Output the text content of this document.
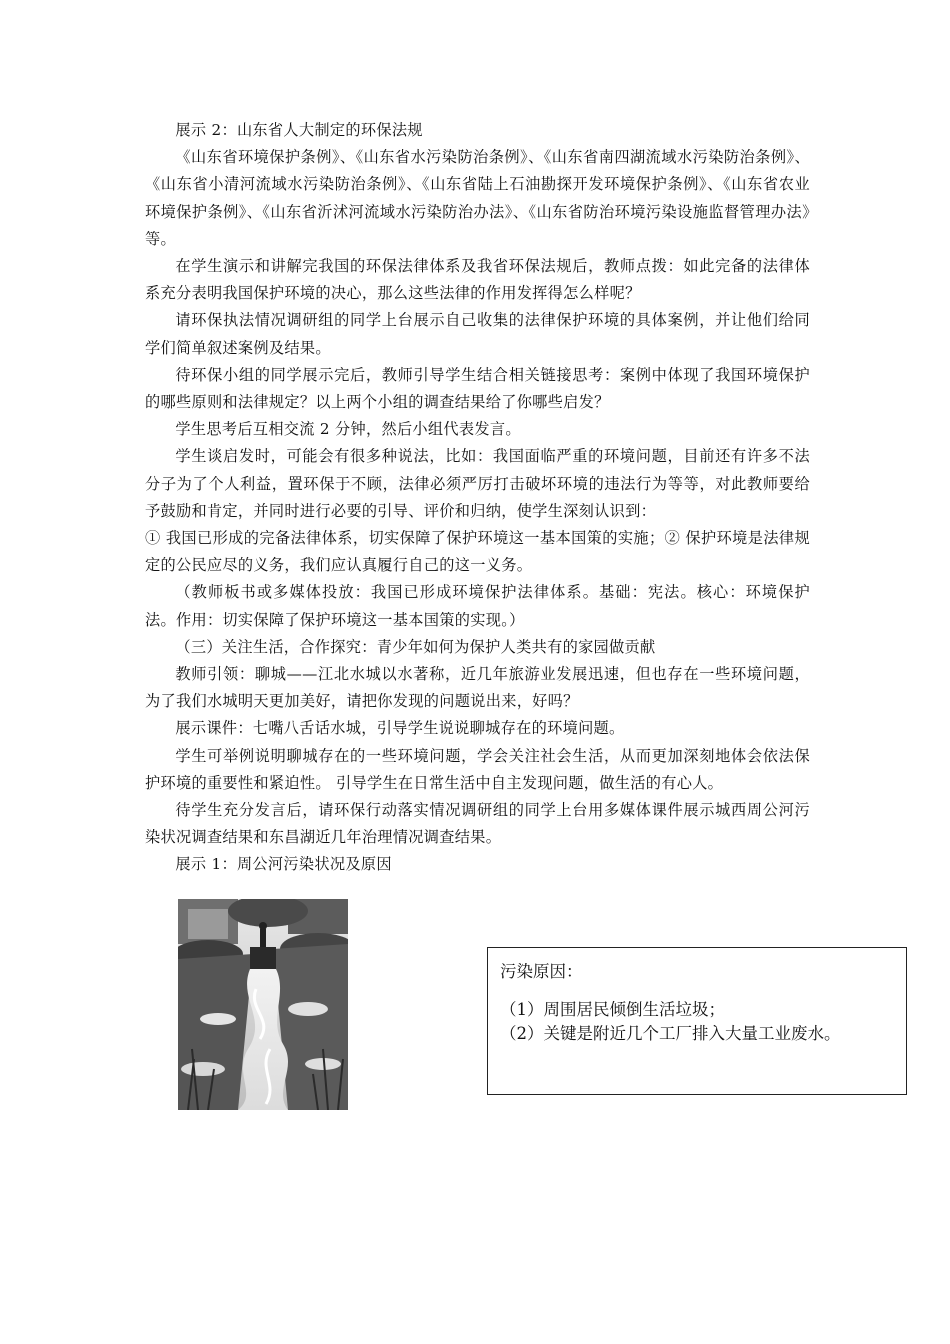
展示 2：山东省人大制定的环保法规

《山东省环境保护条例》、《山东省水污染防治条例》、《山东省南四湖流域水污染防治条例》、《山东省小清河流域水污染防治条例》、《山东省陆上石油勘探开发环境保护条例》、《山东省农业环境保护条例》、《山东省沂沭河流域水污染防治办法》、《山东省防治环境污染设施监督管理办法》等。

在学生演示和讲解完我国的环保法律体系及我省环保法规后，教师点拨：如此完备的法律体系充分表明我国保护环境的决心，那么这些法律的作用发挥得怎么样呢？

请环保执法情况调研组的同学上台展示自己收集的法律保护环境的具体案例，并让他们给同学们简单叙述案例及结果。

待环保小组的同学展示完后，教师引导学生结合相关链接思考：案例中体现了我国环境保护的哪些原则和法律规定？以上两个小组的调查结果给了你哪些启发？

学生思考后互相交流 2 分钟，然后小组代表发言。

学生谈启发时，可能会有很多种说法，比如：我国面临严重的环境问题，目前还有许多不法分子为了个人利益，置环保于不顾，法律必须严厉打击破坏环境的违法行为等等，对此教师要给予鼓励和肯定，并同时进行必要的引导、评价和归纳，使学生深刻认识到：

① 我国已形成的完备法律体系，切实保障了保护环境这一基本国策的实施；② 保护环境是法律规定的公民应尽的义务，我们应认真履行自己的这一义务。

（教师板书或多媒体投放：我国已形成环境保护法律体系。基础：宪法。核心：环境保护法。作用：切实保障了保护环境这一基本国策的实现。）

（三）关注生活，合作探究：青少年如何为保护人类共有的家园做贡献

教师引领：聊城——江北水城以水著称，近几年旅游业发展迅速，但也存在一些环境问题，为了我们水城明天更加美好，请把你发现的问题说出来，好吗？

展示课件：七嘴八舌话水城，引导学生说说聊城存在的环境问题。

学生可举例说明聊城存在的一些环境问题，学会关注社会生活，从而更加深刻地体会依法保护环境的重要性和紧迫性。 引导学生在日常生活中自主发现问题，做生活的有心人。

待学生充分发言后，请环保行动落实情况调研组的同学上台用多媒体课件展示城西周公河污染状况调查结果和东昌湖近几年治理情况调查结果。

展示 1：周公河污染状况及原因

污染原因：

（1）周围居民倾倒生活垃圾；

（2）关键是附近几个工厂排入大量工业废水。
